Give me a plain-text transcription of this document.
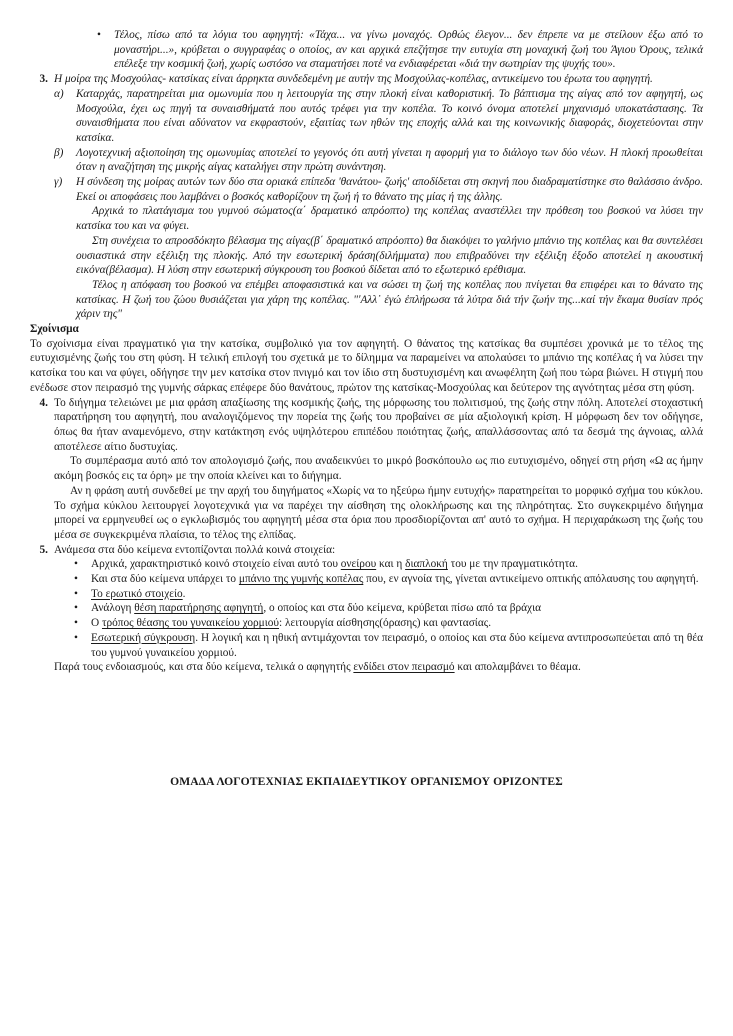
• Τέλος, πίσω από τα λόγια του αφηγητή: «Τάχα... να γίνω μοναχός. Ορθώς έλεγον... δεν έπρεπε να με στείλουν έξω από το μοναστήρι...», κρύβεται ο συγγραφέας ο οποίος, αν και αρχικά επεζήτησε την ευτυχία στη μοναχική ζωή του Άγιου Όρους, τελικά επέλεξε την κοσμική ζωή, χωρίς ωστόσο να σταματήσει ποτέ να ενδιαφέρεται «διά την σωτηρίαν της ψυχής του».
3. Η μοίρα της Μοσχούλας- κατσίκας είναι άρρηκτα συνδεδεμένη με αυτήν της Μοσχούλας-κοπέλας, αντικείμενο του έρωτα του αφηγητή.
α)	Καταρχάς, παρατηρείται μια ομωνυμία που η λειτουργία της στην πλοκή είναι καθοριστική. Το βάπτισμα της αίγας από τον αφηγητή, ως Μοσχούλα, έχει ως πηγή τα συναισθήματά που αυτός τρέφει για την κοπέλα. Το κοινό όνομα αποτελεί μηχανισμό υποκατάστασης. Τα συναισθήματα που είναι αδύνατον να εκφραστούν, εξαιτίας των ηθών της εποχής αλλά και της κοινωνικής διαφοράς, διοχετεύονται στην κατσίκα.
β)	Λογοτεχνική αξιοποίηση της ομωνυμίας αποτελεί το γεγονός ότι αυτή γίνεται η αφορμή για το διάλογο των δύο νέων. Η πλοκή προωθείται όταν η αναζήτηση της μικρής αίγας καταλήγει στην πρώτη συνάντηση.
γ)	Η σύνδεση της μοίρας αυτών των δύο στα οριακά επίπεδα 'θανάτου- ζωής' αποδίδεται στη σκηνή που διαδραματίστηκε στο θαλάσσιο άνδρο. Εκεί οι αποφάσεις που λαμβάνει ο βοσκός καθορίζουν τη ζωή ή το θάνατο της μίας ή της άλλης.
Αρχικά το πλατάγισμα του γυμνού σώματος(α΄ δραματικό απρόοπτο) της κοπέλας αναστέλλει την πρόθεση του βοσκού να λύσει την κατσίκα του και να φύγει.
Στη συνέχεια το απροσδόκητο βέλασμα της αίγας(β΄ δραματικό απρόοπτο) θα διακόψει το γαλήνιο μπάνιο της κοπέλας και θα συντελέσει ουσιαστικά στην εξέλιξη της πλοκής. Από την εσωτερική δράση(διλήμματα) που επιβραδύνει την εξέλιξη έξοδο αποτελεί η ακουστική εικόνα(βέλασμα). Η λύση στην εσωτερική σύγκρουση του βοσκού δίδεται από το εξωτερικό ερέθισμα.
Τέλος η απόφαση του βοσκού να επέμβει αποφασιστικά και να σώσει τη ζωή της κοπέλας που πνίγεται θα επιφέρει και το θάνατο της κατσίκας. Η ζωή του ζώου θυσιάζεται για χάρη της κοπέλας. "ʹΑλλ᾿ ἐγώ ἐπλήρωσα τά λύτρα διά τήν ζωήν της...καί τήν ἔκαμα θυσίαν πρός χάριν της"
Σχοίνισμα
Το σχοίνισμα είναι πραγματικό για την κατσίκα, συμβολικό για τον αφηγητή. Ο θάνατος της κατσίκας θα συμπέσει χρονικά με το τέλος της ευτυχισμένης ζωής του στη φύση. Η τελική επιλογή του σχετικά με το δίλημμα να παραμείνει να απολαύσει το μπάνιο της κοπέλας ή να λύσει την κατσίκα του και να φύγει, οδήγησε την μεν κατσίκα στον πνιγμό και τον ίδιο στη δυστυχισμένη και ανωφέλητη ζωή που τώρα βιώνει. Η στιγμή που ενέδωσε στον πειρασμό της γυμνής σάρκας επέφερε δύο θανάτους, πρώτον της κατσίκας-Μοσχούλας και δεύτερον της αγνότητας μέσα στη φύση.
4. Το διήγημα τελειώνει με μια φράση απαξίωσης της κοσμικής ζωής, της μόρφωσης του πολιτισμού, της ζωής στην πόλη. Αποτελεί στοχαστική παρατήρηση του αφηγητή, που αναλογιζόμενος την πορεία της ζωής του προβαίνει σε μία αξιολογική κρίση. Η μόρφωση δεν τον οδήγησε, όπως θα ήταν αναμενόμενο, στην κατάκτηση ενός υψηλότερου επιπέδου ποιότητας ζωής, απαλλάσσοντας από τα δεσμά της άγνοιας, αλλά αποτέλεσε αίτιο δυστυχίας.
Το συμπέρασμα αυτό από τον απολογισμό ζωής, που αναδεικνύει το μικρό βοσκόπουλο ως πιο ευτυχισμένο, οδηγεί στη ρήση «Ω ας ήμην ακόμη βοσκός εις τα όρη» με την οποία κλείνει και το διήγημα.
Αν η φράση αυτή συνδεθεί με την αρχή του διηγήματος «Χωρίς να το ηξεύρω ήμην ευτυχής» παρατηρείται το μορφικό σχήμα του κύκλου. Το σχήμα κύκλου λειτουργεί λογοτεχνικά για να παρέχει την αίσθηση της ολοκλήρωσης και της πληρότητας. Στο συγκεκριμένο διήγημα μπορεί να ερμηνευθεί ως ο εγκλωβισμός του αφηγητή μέσα στα όρια που προσδιορίζονται απ' αυτό το σχήμα. Η περιχαράκωση της ζωής του μέσα σε συγκεκριμένα πλαίσια, το τέλος της ελπίδας.
5. Ανάμεσα στα δύο κείμενα εντοπίζονται πολλά κοινά στοιχεία:
• Αρχικά, χαρακτηριστικό κοινό στοιχείο είναι αυτό του ονείρου και η διαπλοκή του με την πραγματικότητα.
• Και στα δύο κείμενα υπάρχει το μπάνιο της γυμνής κοπέλας που, εν αγνοία της, γίνεται αντικείμενο οπτικής απόλαυσης του αφηγητή.
• Το ερωτικό στοιχείο.
• Ανάλογη θέση παρατήρησης αφηγητή, ο οποίος και στα δύο κείμενα, κρύβεται πίσω από τα βράχια
• Ο τρόπος θέασης του γυναικείου χορμιού: λειτουργία αίσθησης(όρασης) και φαντασίας.
• Εσωτερική σύγκρουση. Η λογική και η ηθική αντιμάχονται τον πειρασμό, ο οποίος και στα δύο κείμενα αντιπροσωπεύεται από τη θέα του γυμνού γυναικείου χορμιού.
Παρά τους ενδοιασμούς, και στα δύο κείμενα, τελικά ο αφηγητής ενδίδει στον πειρασμό και απολαμβάνει το θέαμα.
ΟΜΑΔΑ ΛΟΓΟΤΕΧΝΙΑΣ ΕΚΠΑΙΔΕΥΤΙΚΟΥ ΟΡΓΑΝΙΣΜΟΥ ΟΡΙΖΟΝΤΕΣ
